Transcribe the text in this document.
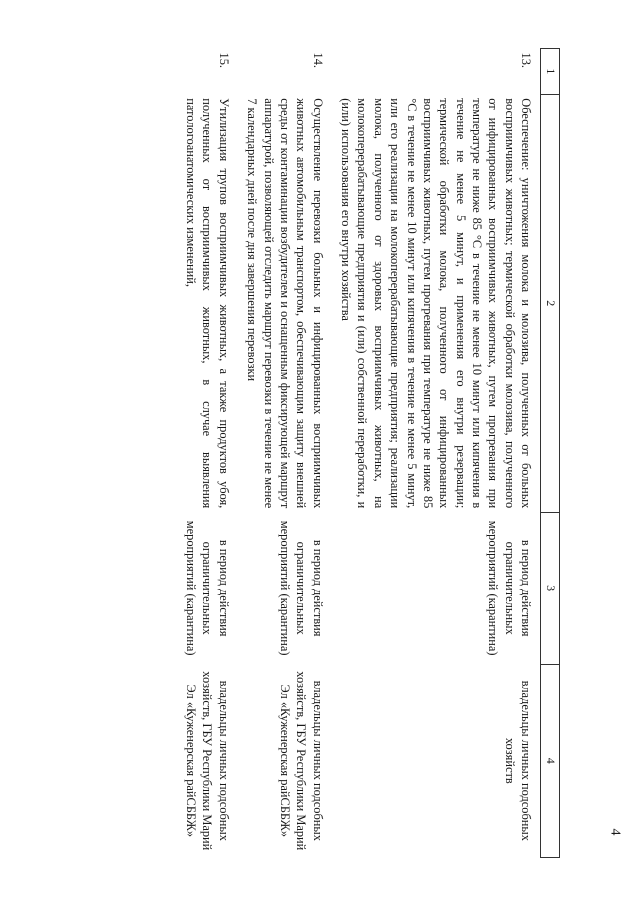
4
1	2	3	4
13.	Обеспечение: уничтожения молока и молозива, полученных от больных восприимчивых животных; термической обработки молозива, полученного от инфицированных восприимчивых животных, путем прогревания при температуре не ниже 85 °С в течение не менее 10 минут или кипячения в течение не менее 5 минут, и применения его внутри резервации; термической обработки молока, полученного от инфицированных восприимчивых животных, путем прогревания при температуре не ниже 85 °С в течение не менее 10 минут или кипячения в течение не менее 5 минут, или его реализации на молокоперерабатывающие предприятия; реализации молока, полученного от здоровых восприимчивых животных, на молокоперерабатывающие предприятия и (или) собственной переработки, и (или) использования его внутри хозяйства	в период действия ограничительных мероприятий (карантина)	владельцы личных подсобных хозяйств
14.	Осуществление перевозки больных и инфицированных восприимчивых животных автомобильным транспортом, обеспечивающим защиту внешней среды от контаминации возбудителем и оснащенным фиксирующей маршрут аппаратурой, позволяющей отследить маршрут перевозки в течение не менее 7 календарных дней после дня завершения перевозки	в период действия ограничительных мероприятий (карантина)	владельцы личных подсобных хозяйств, ГБУ Республики Марий Эл «Куженерская райСББЖ»
15.	Утилизация трупов восприимчивых животных, а также продуктов убоя, полученных от восприимчивых животных, в случае выявления патологоанатомических изменений,	в период действия ограничительных мероприятий (карантина)	владельцы личных подсобных хозяйств, ГБУ Республики Марий Эл «Куженерская райСББЖ»
